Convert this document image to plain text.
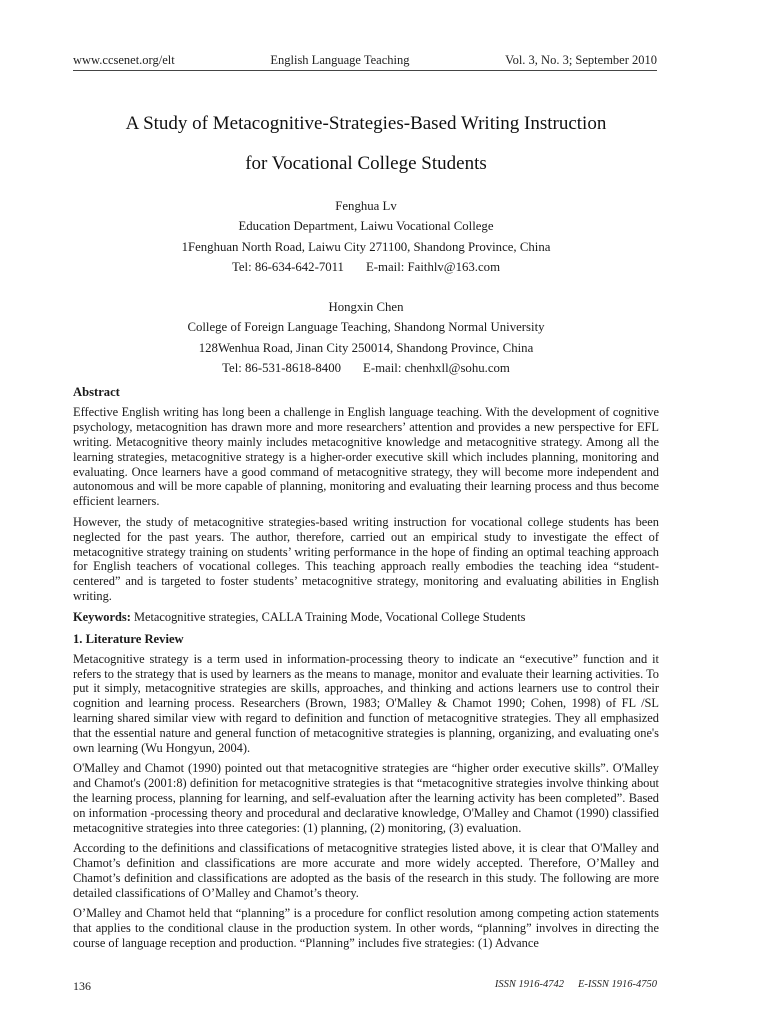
www.ccsenet.org/elt	English Language Teaching	Vol. 3, No. 3; September 2010
A Study of Metacognitive-Strategies-Based Writing Instruction
for Vocational College Students
Fenghua Lv
Education Department, Laiwu Vocational College
1Fenghuan North Road, Laiwu City 271100, Shandong Province, China
Tel: 86-634-642-7011 E-mail: Faithlv@163.com
Hongxin Chen
College of Foreign Language Teaching, Shandong Normal University
128Wenhua Road, Jinan City 250014, Shandong Province, China
Tel: 86-531-8618-8400 E-mail: chenhxll@sohu.com
Abstract

Effective English writing has long been a challenge in English language teaching. With the development of cognitive psychology, metacognition has drawn more and more researchers’ attention and provides a new perspective for EFL writing. Metacognitive theory mainly includes metacognitive knowledge and metacognitive strategy. Among all the learning strategies, metacognitive strategy is a higher-order executive skill which includes planning, monitoring and evaluating. Once learners have a good command of metacognitive strategy, they will become more independent and autonomous and will be more capable of planning, monitoring and evaluating their learning process and thus become efficient learners.

However, the study of metacognitive strategies-based writing instruction for vocational college students has been neglected for the past years. The author, therefore, carried out an empirical study to investigate the effect of metacognitive strategy training on students’ writing performance in the hope of finding an optimal teaching approach for English teachers of vocational colleges. This teaching approach really embodies the teaching idea “student-centered” and is targeted to foster students’ metacognitive strategy, monitoring and evaluating abilities in English writing.

Keywords: Metacognitive strategies, CALLA Training Mode, Vocational College Students
1. Literature Review

Metacognitive strategy is a term used in information-processing theory to indicate an “executive” function and it refers to the strategy that is used by learners as the means to manage, monitor and evaluate their learning activities. To put it simply, metacognitive strategies are skills, approaches, and thinking and actions learners use to control their cognition and learning process. Researchers (Brown, 1983; O'Malley & Chamot 1990; Cohen, 1998) of FL /SL learning shared similar view with regard to definition and function of metacognitive strategies. They all emphasized that the essential nature and general function of metacognitive strategies is planning, organizing, and evaluating one's own learning (Wu Hongyun, 2004).

O'Malley and Chamot (1990) pointed out that metacognitive strategies are “higher order executive skills”. O'Malley and Chamot's (2001:8) definition for metacognitive strategies is that “metacognitive strategies involve thinking about the learning process, planning for learning, and self-evaluation after the learning activity has been completed”. Based on information -processing theory and procedural and declarative knowledge, O'Malley and Chamot (1990) classified metacognitive strategies into three categories: (1) planning, (2) monitoring, (3) evaluation.

According to the definitions and classifications of metacognitive strategies listed above, it is clear that O'Malley and Chamot’s definition and classifications are more accurate and more widely accepted. Therefore, O’Malley and Chamot’s definition and classifications are adopted as the basis of the research in this study. The following are more detailed classifications of O’Malley and Chamot’s theory.

O’Malley and Chamot held that “planning” is a procedure for conflict resolution among competing action statements that applies to the conditional clause in the production system. In other words, “planning” involves in directing the course of language reception and production. “Planning” includes five strategies: (1) Advance

136	ISSN 1916-4742 E-ISSN 1916-4750
